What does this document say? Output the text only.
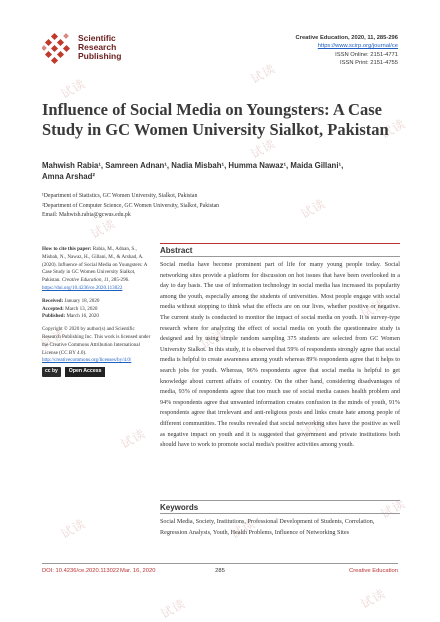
试读
试读
试读
试读
试读
试读	试读
试读
试读	试读
试读	试读
试读
试读	试读
试读
Scientific
Research
Publishing
Creative Education, 2020, 11, 285-296
https://www.scirp.org/journal/ce
ISSN Online: 2151-4771
ISSN Print: 2151-4755
Influence of Social Media on Youngsters: A Case Study in GC Women University Sialkot, Pakistan
Mahwish Rabia¹, Samreen Adnan¹, Nadia Misbah¹, Humma Nawaz¹, Maida Gillani¹,
Amna Arshad²
¹Department of Statistics, GC Women University, Sialkot, Pakistan
²Department of Computer Science, GC Women University, Sialkot, Pakistan
Email: Mahwish.rabia@gcwus.edu.pk
How to cite this paper: Rabia, M., Adnan, S., Misbah, N., Nawaz, H., Gillani, M., & Arshad, A. (2020). Influence of Social Media on Youngsters: A Case Study in GC Women University Sialkot, Pakistan. Creative Education, 11, 285-296.
https://doi.org/10.4236/ce.2020.113022
Received: January 18, 2020
Accepted: March 13, 2020
Published: March 16, 2020
Copyright © 2020 by author(s) and Scientific Research Publishing Inc. This work is licensed under the Creative Commons Attribution International License (CC BY 4.0).
http://creativecommons.org/licenses/by/4.0/
cc by	Open Access
Abstract
Social media have become prominent part of life for many young people today. Social networking sites provide a platform for discussion on hot issues that have been overlooked in a day to day basis. The use of information technology in social media has increased its popularity among the youth, especially among the students of universities. Most people engage with social media without stopping to think what the effects are on our lives, whether positive or negative. The current study is conducted to monitor the impact of social media on youth. It is survey-type research where for analyzing the effect of social media on youth the questionnaire study is designed and by using simple random sampling 375 students are selected from GC Women University Sialkot. In this study, it is observed that 59% of respondents strongly agree that social media is helpful to create awareness among youth whereas 89% respondents agree that it helps to search jobs for youth. Whereas, 96% respondents agree that social media is helpful to get knowledge about current affairs of country. On the other hand, considering disadvantages of media, 93% of respondents agree that too much use of social media causes health problem and 94% respondents agree that unwanted information creates confusion in the minds of youth, 91% respondents agree that irrelevant and anti-religious posts and links create hate among people of different communities. The results revealed that social networking sites have the positive as well as negative impact on youth and it is suggested that government and private institutions both should have to work to promote social media's positive activities among youth.
Keywords
Social Media, Society, Institutions, Professional Development of Students, Correlation, Regression Analysis, Youth, Health Problems, Influence of Networking Sites
DOI: 10.4236/ce.2020.113022 Mar. 16, 2020	285	Creative Education
